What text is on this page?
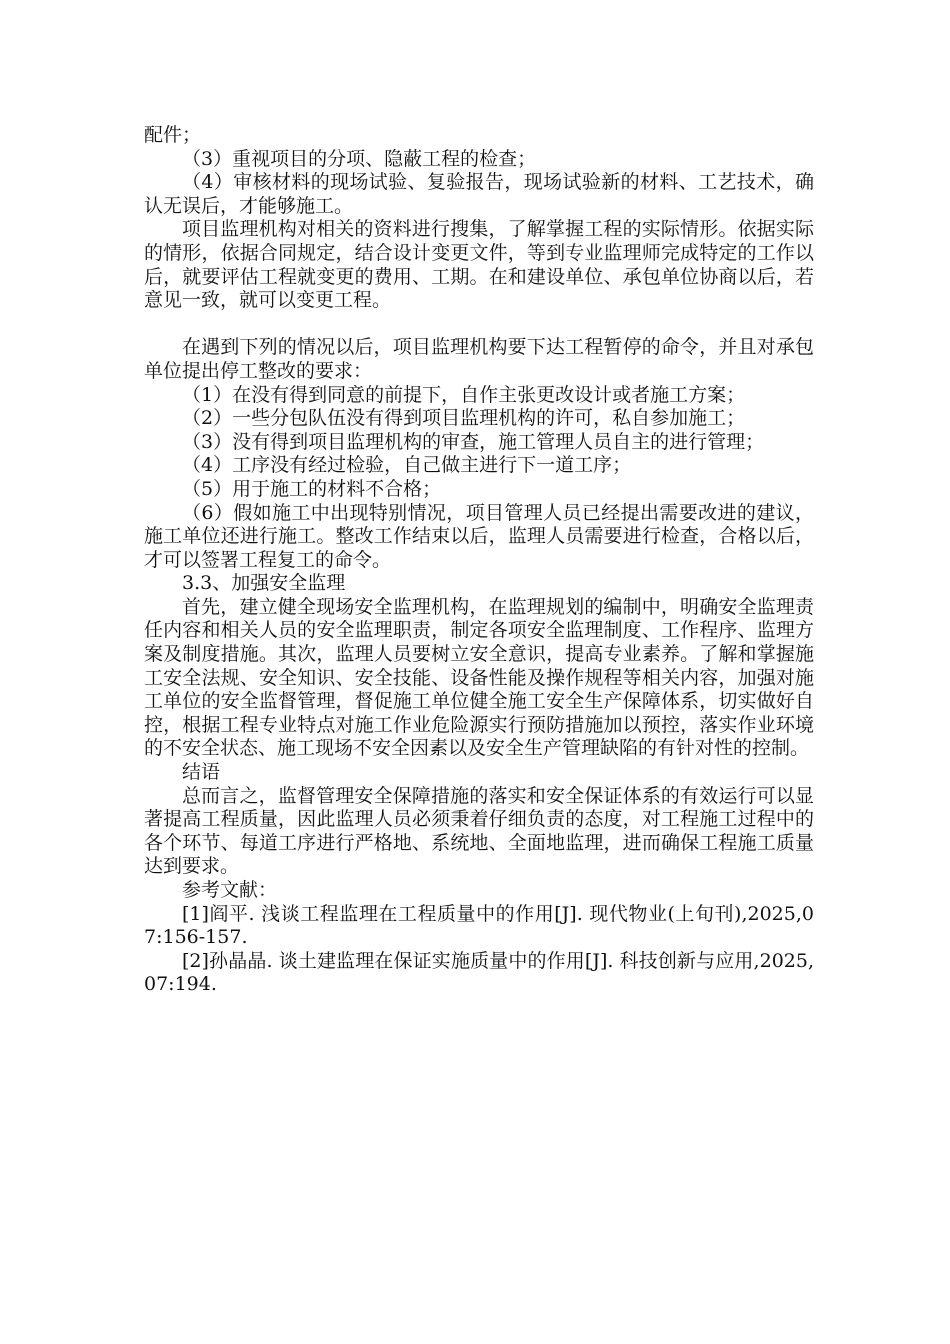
配件；

（3）重视项目的分项、隐蔽工程的检查；

（4）审核材料的现场试验、复验报告，现场试验新的材料、工艺技术，确认无误后，才能够施工。

项目监理机构对相关的资料进行搜集，了解掌握工程的实际情形。依据实际的情形，依据合同规定，结合设计变更文件，等到专业监理师完成特定的工作以后，就要评估工程就变更的费用、工期。在和建设单位、承包单位协商以后，若意见一致，就可以变更工程。

在遇到下列的情况以后，项目监理机构要下达工程暂停的命令，并且对承包单位提出停工整改的要求：

（1）在没有得到同意的前提下，自作主张更改设计或者施工方案；

（2）一些分包队伍没有得到项目监理机构的许可，私自参加施工；

（3）没有得到项目监理机构的审查，施工管理人员自主的进行管理；

（4）工序没有经过检验，自己做主进行下一道工序；

（5）用于施工的材料不合格；

（6）假如施工中出现特别情况，项目管理人员已经提出需要改进的建议，施工单位还进行施工。整改工作结束以后，监理人员需要进行检查，合格以后，才可以签署工程复工的命令。

3.3、加强安全监理

首先，建立健全现场安全监理机构，在监理规划的编制中，明确安全监理责任内容和相关人员的安全监理职责，制定各项安全监理制度、工作程序、监理方案及制度措施。其次，监理人员要树立安全意识，提高专业素养。了解和掌握施工安全法规、安全知识、安全技能、设备性能及操作规程等相关内容，加强对施工单位的安全监督管理，督促施工单位健全施工安全生产保障体系，切实做好自控，根据工程专业特点对施工作业危险源实行预防措施加以预控，落实作业环境的不安全状态、施工现场不安全因素以及安全生产管理缺陷的有针对性的控制。

结语

总而言之，监督管理安全保障措施的落实和安全保证体系的有效运行可以显著提高工程质量，因此监理人员必须秉着仔细负责的态度，对工程施工过程中的各个环节、每道工序进行严格地、系统地、全面地监理，进而确保工程施工质量达到要求。

参考文献：

[1]阎平. 浅谈工程监理在工程质量中的作用[J]. 现代物业(上旬刊),2025,07:156-157.

[2]孙晶晶. 谈土建监理在保证实施质量中的作用[J]. 科技创新与应用,2025,07:194.
